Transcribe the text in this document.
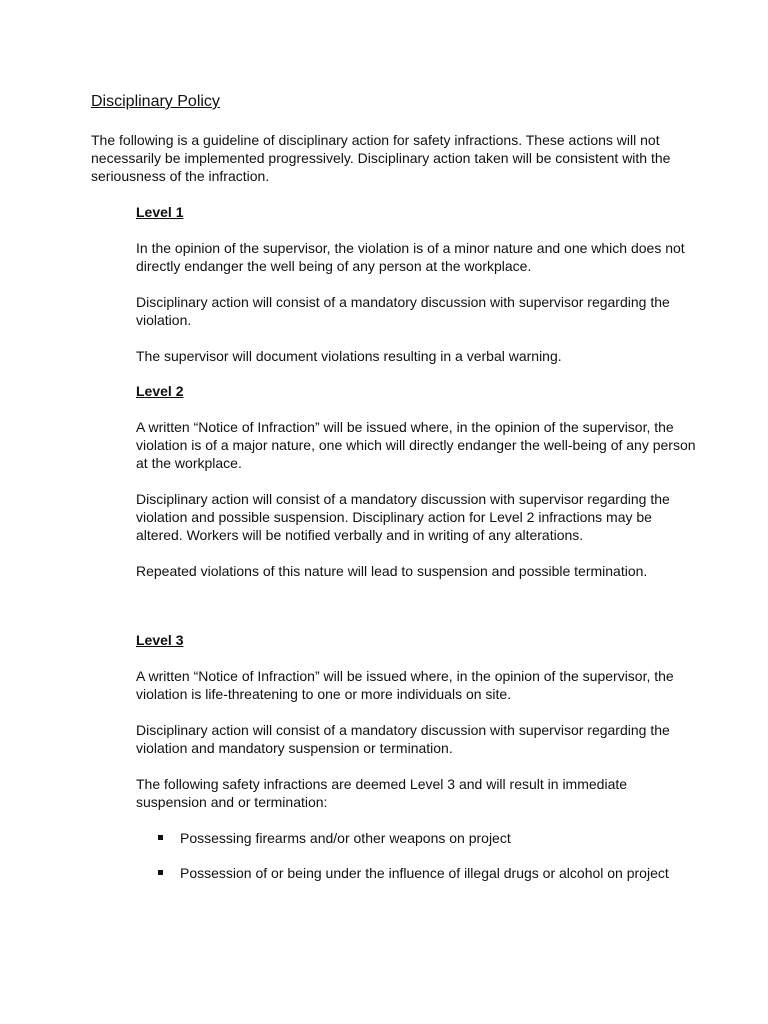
Disciplinary Policy

The following is a guideline of disciplinary action for safety infractions. These actions will not necessarily be implemented progressively. Disciplinary action taken will be consistent with the seriousness of the infraction.

Level 1

In the opinion of the supervisor, the violation is of a minor nature and one which does not directly endanger the well being of any person at the workplace.

Disciplinary action will consist of a mandatory discussion with supervisor regarding the violation.

The supervisor will document violations resulting in a verbal warning.

Level 2

A written “Notice of Infraction” will be issued where, in the opinion of the supervisor, the violation is of a major nature, one which will directly endanger the well-being of any person at the workplace.

Disciplinary action will consist of a mandatory discussion with supervisor regarding the violation and possible suspension. Disciplinary action for Level 2 infractions may be altered. Workers will be notified verbally and in writing of any alterations.

Repeated violations of this nature will lead to suspension and possible termination.

Level 3

A written “Notice of Infraction” will be issued where, in the opinion of the supervisor, the violation is life-threatening to one or more individuals on site.

Disciplinary action will consist of a mandatory discussion with supervisor regarding the violation and mandatory suspension or termination.

The following safety infractions are deemed Level 3 and will result in immediate suspension and or termination:

Possessing firearms and/or other weapons on project
Possession of or being under the influence of illegal drugs or alcohol on project
